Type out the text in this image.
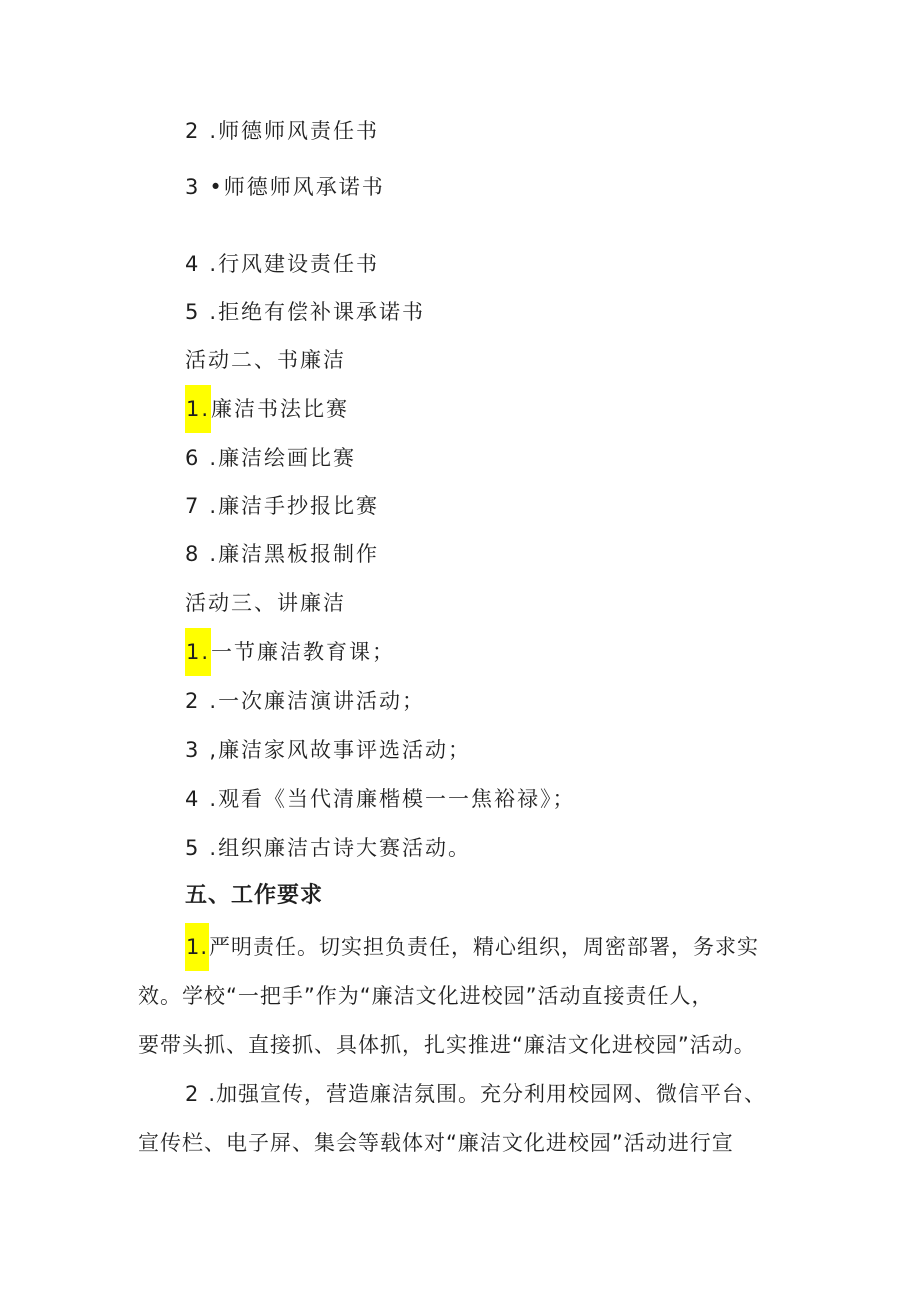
2 .师德师风责任书
3 •师德师风承诺书
4 .行风建设责任书
5 .拒绝有偿补课承诺书
活动二、书廉洁
1.廉洁书法比赛
6 .廉洁绘画比赛
7 .廉洁手抄报比赛
8 .廉洁黑板报制作
活动三、讲廉洁
1.一节廉洁教育课；
2 .一次廉洁演讲活动；
3 ,廉洁家风故事评选活动；
4 .观看《当代清廉楷模一一焦裕禄》；
5 .组织廉洁古诗大赛活动。
五、工作要求
1.严明责任。切实担负责任，精心组织，周密部署，务求实
效。学校“一把手”作为“廉洁文化进校园”活动直接责任人，
要带头抓、直接抓、具体抓，扎实推进“廉洁文化进校园”活动。
2 .加强宣传，营造廉洁氛围。充分利用校园网、微信平台、
宣传栏、电子屏、集会等载体对“廉洁文化进校园”活动进行宣
